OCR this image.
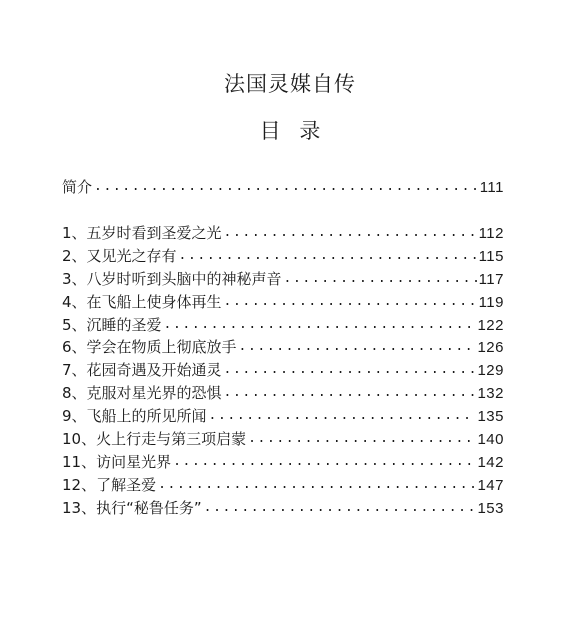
法国灵媒自传
目 录
简介 .....	111
1、五岁时看到圣爱之光 .....	112
2、又见光之存有 .....	115
3、八岁时听到头脑中的神秘声音 .....	117
4、在飞船上使身体再生 .....	119
5、沉睡的圣爱 .....	122
6、学会在物质上彻底放手 .....	126
7、花园奇遇及开始通灵 .....	129
8、克服对星光界的恐惧 .....	132
9、飞船上的所见所闻 .....	135
10、火上行走与第三项启蒙 .....	140
11、访问星光界 .....	142
12、了解圣爱 .....	147
13、执行“秘鲁任务” .....	153
